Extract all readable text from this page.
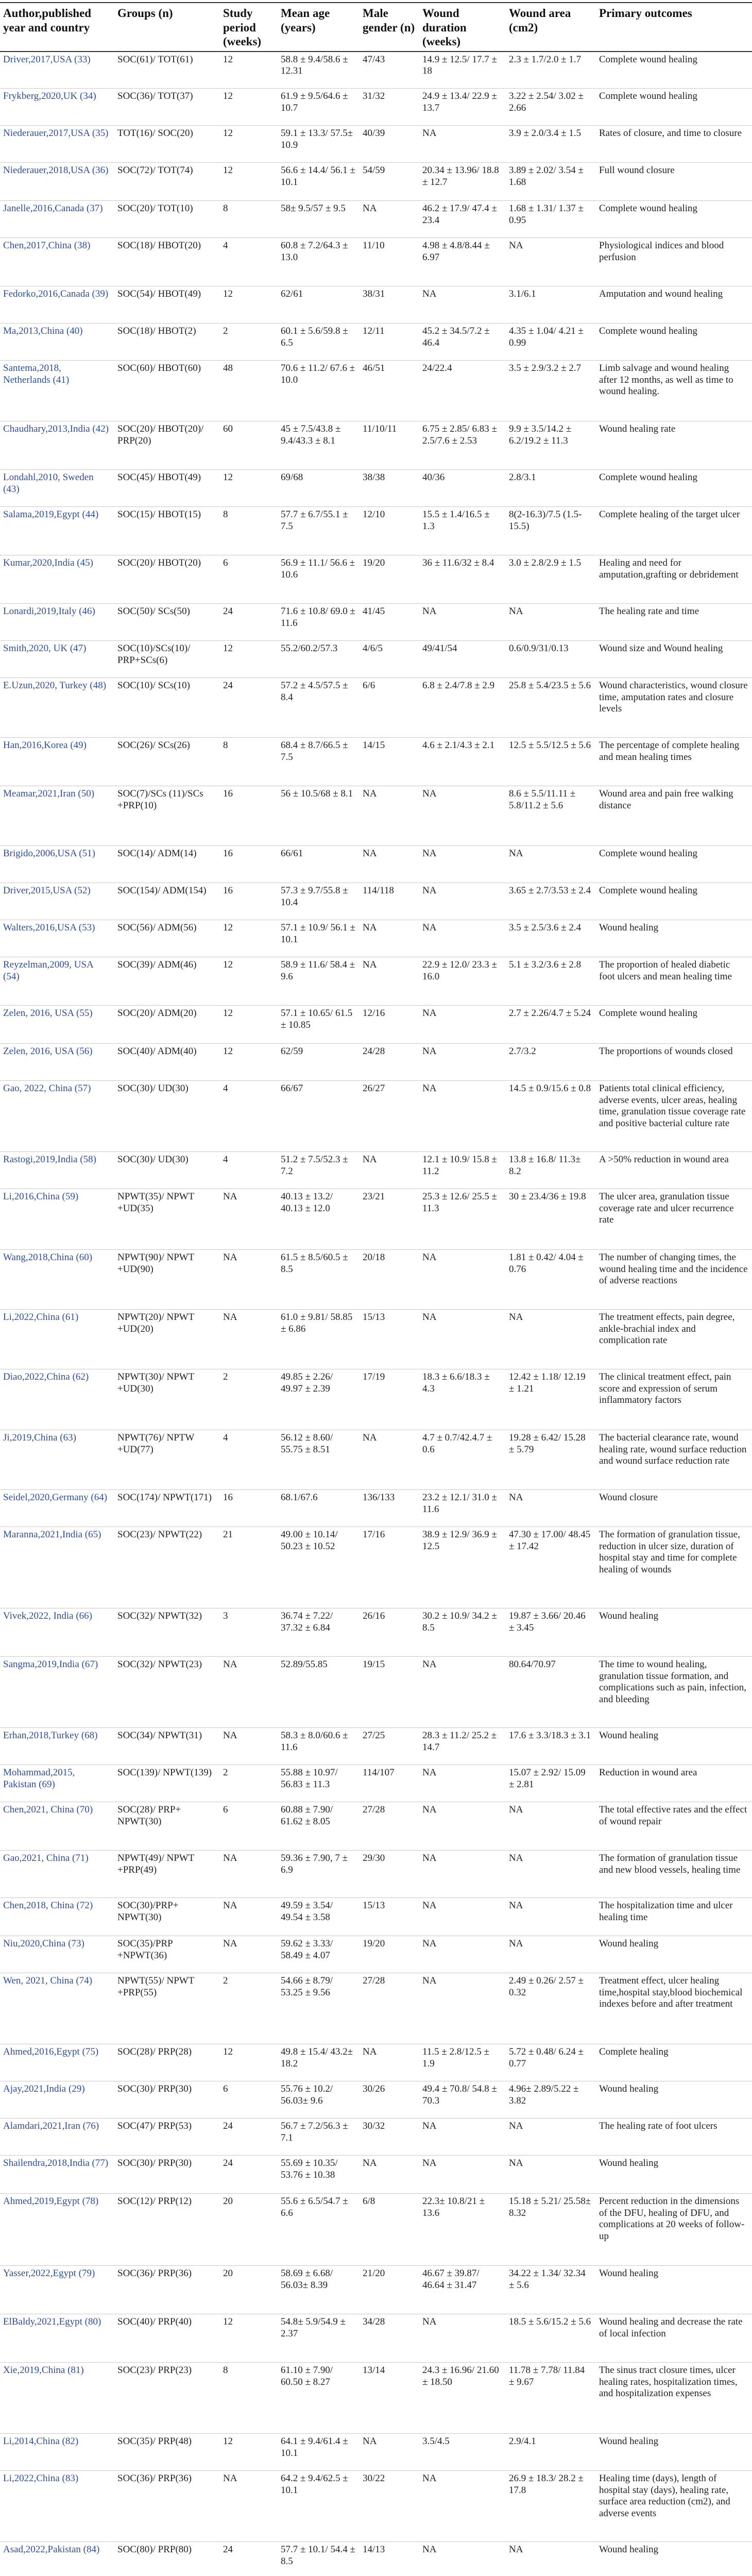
Author,published year and country	Groups (n)	Study period (weeks)	Mean age (years)	Male gender (n)	Wound duration (weeks)	Wound area (cm2)	Primary outcomes
Driver,2017,USA (33)	SOC(61)/ TOT(61)	12	58.8 ± 9.4/58.6 ± 12.31	47/43	14.9 ± 12.5/ 17.7 ± 18	2.3 ± 1.7/2.0 ± 1.7	Complete wound healing
Frykberg,2020,UK (34)	SOC(36)/ TOT(37)	12	61.9 ± 9.5/64.6 ± 10.7	31/32	24.9 ± 13.4/ 22.9 ± 13.7	3.22 ± 2.54/ 3.02 ± 2.66	Complete wound healing
Niederauer,2017,USA (35)	TOT(16)/ SOC(20)	12	59.1 ± 13.3/ 57.5± 10.9	40/39	NA	3.9 ± 2.0/3.4 ± 1.5	Rates of closure, and time to closure
Niederauer,2018,USA (36)	SOC(72)/ TOT(74)	12	56.6 ± 14.4/ 56.1 ± 10.1	54/59	20.34 ± 13.96/ 18.8 ± 12.7	3.89 ± 2.02/ 3.54 ± 1.68	Full wound closure
Janelle,2016,Canada (37)	SOC(20)/ TOT(10)	8	58± 9.5/57 ± 9.5	NA	46.2 ± 17.9/ 47.4 ± 23.4	1.68 ± 1.31/ 1.37 ± 0.95	Complete wound healing
Chen,2017,China (38)	SOC(18)/ HBOT(20)	4	60.8 ± 7.2/64.3 ± 13.0	11/10	4.98 ± 4.8/8.44 ± 6.97	NA	Physiological indices and blood perfusion
Fedorko,2016,Canada (39)	SOC(54)/ HBOT(49)	12	62/61	38/31	NA	3.1/6.1	Amputation and wound healing
Ma,2013,China (40)	SOC(18)/ HBOT(2)	2	60.1 ± 5.6/59.8 ± 6.5	12/11	45.2 ± 34.5/7.2 ± 46.4	4.35 ± 1.04/ 4.21 ± 0.99	Complete wound healing
Santema,2018, Netherlands (41)	SOC(60)/ HBOT(60)	48	70.6 ± 11.2/ 67.6 ± 10.0	46/51	24/22.4	3.5 ± 2.9/3.2 ± 2.7	Limb salvage and wound healing after 12 months, as well as time to wound healing.
Chaudhary,2013,India (42)	SOC(20)/ HBOT(20)/ PRP(20)	60	45 ± 7.5/43.8 ± 9.4/43.3 ± 8.1	11/10/11	6.75 ± 2.85/ 6.83 ± 2.5/7.6 ± 2.53	9.9 ± 3.5/14.2 ± 6.2/19.2 ± 11.3	Wound healing rate
Londahl,2010, Sweden (43)	SOC(45)/ HBOT(49)	12	69/68	38/38	40/36	2.8/3.1	Complete wound healing
Salama,2019,Egypt (44)	SOC(15)/ HBOT(15)	8	57.7 ± 6.7/55.1 ± 7.5	12/10	15.5 ± 1.4/16.5 ± 1.3	8(2-16.3)/7.5 (1.5-15.5)	Complete healing of the target ulcer
Kumar,2020,India (45)	SOC(20)/ HBOT(20)	6	56.9 ± 11.1/ 56.6 ± 10.6	19/20	36 ± 11.6/32 ± 8.4	3.0 ± 2.8/2.9 ± 1.5	Healing and need for amputation,grafting or debridement
Lonardi,2019,Italy (46)	SOC(50)/ SCs(50)	24	71.6 ± 10.8/ 69.0 ± 11.6	41/45	NA	NA	The healing rate and time
Smith,2020, UK (47)	SOC(10)/SCs(10)/ PRP+SCs(6)	12	55.2/60.2/57.3	4/6/5	49/41/54	0.6/0.9/31/0.13	Wound size and Wound healing
E.Uzun,2020, Turkey (48)	SOC(10)/ SCs(10)	24	57.2 ± 4.5/57.5 ± 8.4	6/6	6.8 ± 2.4/7.8 ± 2.9	25.8 ± 5.4/23.5 ± 5.6	Wound characteristics, wound closure time, amputation rates and closure levels
Han,2016,Korea (49)	SOC(26)/ SCs(26)	8	68.4 ± 8.7/66.5 ± 7.5	14/15	4.6 ± 2.1/4.3 ± 2.1	12.5 ± 5.5/12.5 ± 5.6	The percentage of complete healing and mean healing times
Meamar,2021,Iran (50)	SOC(7)/SCs (11)/SCs +PRP(10)	16	56 ± 10.5/68 ± 8.1	NA	NA	8.6 ± 5.5/11.11 ± 5.8/11.2 ± 5.6	Wound area and pain free walking distance
Brigido,2006,USA (51)	SOC(14)/ ADM(14)	16	66/61	NA	NA	NA	Complete wound healing
Driver,2015,USA (52)	SOC(154)/ ADM(154)	16	57.3 ± 9.7/55.8 ± 10.4	114/118	NA	3.65 ± 2.7/3.53 ± 2.4	Complete wound healing
Walters,2016,USA (53)	SOC(56)/ ADM(56)	12	57.1 ± 10.9/ 56.1 ± 10.1	NA	NA	3.5 ± 2.5/3.6 ± 2.4	Wound healing
Reyzelman,2009, USA (54)	SOC(39)/ ADM(46)	12	58.9 ± 11.6/ 58.4 ± 9.6	NA	22.9 ± 12.0/ 23.3 ± 16.0	5.1 ± 3.2/3.6 ± 2.8	The proportion of healed diabetic foot ulcers and mean healing time
Zelen, 2016, USA (55)	SOC(20)/ ADM(20)	12	57.1 ± 10.65/ 61.5 ± 10.85	12/16	NA	2.7 ± 2.26/4.7 ± 5.24	Complete wound healing
Zelen, 2016, USA (56)	SOC(40)/ ADM(40)	12	62/59	24/28	NA	2.7/3.2	The proportions of wounds closed
Gao, 2022, China (57)	SOC(30)/ UD(30)	4	66/67	26/27	NA	14.5 ± 0.9/15.6 ± 0.8	Patients total clinical efficiency, adverse events, ulcer areas, healing time, granulation tissue coverage rate and positive bacterial culture rate
Rastogi,2019,India (58)	SOC(30)/ UD(30)	4	51.2 ± 7.5/52.3 ± 7.2	NA	12.1 ± 10.9/ 15.8 ± 11.2	13.8 ± 16.8/ 11.3± 8.2	A >50% reduction in wound area
Li,2016,China (59)	NPWT(35)/ NPWT +UD(35)	NA	40.13 ± 13.2/ 40.13 ± 12.0	23/21	25.3 ± 12.6/ 25.5 ± 11.3	30 ± 23.4/36 ± 19.8	The ulcer area, granulation tissue coverage rate and ulcer recurrence rate
Wang,2018,China (60)	NPWT(90)/ NPWT +UD(90)	NA	61.5 ± 8.5/60.5 ± 8.5	20/18	NA	1.81 ± 0.42/ 4.04 ± 0.76	The number of changing times, the wound healing time and the incidence of adverse reactions
Li,2022,China (61)	NPWT(20)/ NPWT +UD(20)	NA	61.0 ± 9.81/ 58.85 ± 6.86	15/13	NA	NA	The treatment effects, pain degree, ankle-brachial index and complication rate
Diao,2022,China (62)	NPWT(30)/ NPWT +UD(30)	2	49.85 ± 2.26/ 49.97 ± 2.39	17/19	18.3 ± 6.6/18.3 ± 4.3	12.42 ± 1.18/ 12.19 ± 1.21	The clinical treatment effect, pain score and expression of serum inflammatory factors
Ji,2019,China (63)	NPWT(76)/ NPTW +UD(77)	4	56.12 ± 8.60/ 55.75 ± 8.51	NA	4.7 ± 0.7/42.4.7 ± 0.6	19.28 ± 6.42/ 15.28 ± 5.79	The bacterial clearance rate, wound healing rate, wound surface reduction and wound surface reduction rate
Seidel,2020,Germany (64)	SOC(174)/ NPWT(171)	16	68.1/67.6	136/133	23.2 ± 12.1/ 31.0 ± 11.6	NA	Wound closure
Maranna,2021,India (65)	SOC(23)/ NPWT(22)	21	49.00 ± 10.14/ 50.23 ± 10.52	17/16	38.9 ± 12.9/ 36.9 ± 12.5	47.30 ± 17.00/ 48.45 ± 17.42	The formation of granulation tissue, reduction in ulcer size, duration of hospital stay and time for complete healing of wounds
Vivek,2022, India (66)	SOC(32)/ NPWT(32)	3	36.74 ± 7.22/ 37.32 ± 6.84	26/16	30.2 ± 10.9/ 34.2 ± 8.5	19.87 ± 3.66/ 20.46 ± 3.45	Wound healing
Sangma,2019,India (67)	SOC(32)/ NPWT(23)	NA	52.89/55.85	19/15	NA	80.64/70.97	The time to wound healing, granulation tissue formation, and complications such as pain, infection, and bleeding
Erhan,2018,Turkey (68)	SOC(34)/ NPWT(31)	NA	58.3 ± 8.0/60.6 ± 11.6	27/25	28.3 ± 11.2/ 25.2 ± 14.7	17.6 ± 3.3/18.3 ± 3.1	Wound healing
Mohammad,2015, Pakistan (69)	SOC(139)/ NPWT(139)	2	55.88 ± 10.97/ 56.83 ± 11.3	114/107	NA	15.07 ± 2.92/ 15.09 ± 2.81	Reduction in wound area
Chen,2021, China (70)	SOC(28)/ PRP+ NPWT(30)	6	60.88 ± 7.90/ 61.62 ± 8.05	27/28	NA	NA	The total effective rates and the effect of wound repair
Gao,2021, China (71)	NPWT(49)/ NPWT +PRP(49)	NA	59.36 ± 7.90, 7 ± 6.9	29/30	NA	NA	The formation of granulation tissue and new blood vessels, healing time
Chen,2018, China (72)	SOC(30)/PRP+ NPWT(30)	NA	49.59 ± 3.54/ 49.54 ± 3.58	15/13	NA	NA	The hospitalization time and ulcer healing time
Niu,2020,China (73)	SOC(35)/PRP +NPWT(36)	NA	59.62 ± 3.33/ 58.49 ± 4.07	19/20	NA	NA	Wound healing
Wen, 2021, China (74)	NPWT(55)/ NPWT +PRP(55)	2	54.66 ± 8.79/ 53.25 ± 9.56	27/28	NA	2.49 ± 0.26/ 2.57 ± 0.32	Treatment effect, ulcer healing time,hospital stay,blood biochemical indexes before and after treatment
Ahmed,2016,Egypt (75)	SOC(28)/ PRP(28)	12	49.8 ± 15.4/ 43.2± 18.2	NA	11.5 ± 2.8/12.5 ± 1.9	5.72 ± 0.48/ 6.24 ± 0.77	Complete healing
Ajay,2021,India (29)	SOC(30)/ PRP(30)	6	55.76 ± 10.2/ 56.03± 9.6	30/26	49.4 ± 70.8/ 54.8 ± 70.3	4.96± 2.89/5.22 ± 3.82	Wound healing
Alamdari,2021,Iran (76)	SOC(47)/ PRP(53)	24	56.7 ± 7.2/56.3 ± 7.1	30/32	NA	NA	The healing rate of foot ulcers
Shailendra,2018,India (77)	SOC(30)/ PRP(30)	24	55.69 ± 10.35/ 53.76 ± 10.38	NA	NA	NA	Wound healing
Ahmed,2019,Egypt (78)	SOC(12)/ PRP(12)	20	55.6 ± 6.5/54.7 ± 6.6	6/8	22.3± 10.8/21 ± 13.6	15.18 ± 5.21/ 25.58± 8.32	Percent reduction in the dimensions of the DFU, healing of DFU, and complications at 20 weeks of follow-up
Yasser,2022,Egypt (79)	SOC(36)/ PRP(36)	20	58.69 ± 6.68/ 56.03± 8.39	21/20	46.67 ± 39.87/ 46.64 ± 31.47	34.22 ± 1.34/ 32.34 ± 5.6	Wound healing
ElBaldy,2021,Egypt (80)	SOC(40)/ PRP(40)	12	54.8± 5.9/54.9 ± 2.37	34/28	NA	18.5 ± 5.6/15.2 ± 5.6	Wound healing and decrease the rate of local infection
Xie,2019,China (81)	SOC(23)/ PRP(23)	8	61.10 ± 7.90/ 60.50 ± 8.27	13/14	24.3 ± 16.96/ 21.60 ± 18.50	11.78 ± 7.78/ 11.84 ± 9.67	The sinus tract closure times, ulcer healing rates, hospitalization times, and hospitalization expenses
Li,2014,China (82)	SOC(35)/ PRP(48)	12	64.1 ± 9.4/61.4 ± 10.1	NA	3.5/4.5	2.9/4.1	Wound healing
Li,2022,China (83)	SOC(36)/ PRP(36)	NA	64.2 ± 9.4/62.5 ± 10.1	30/22	NA	26.9 ± 18.3/ 28.2 ± 17.8	Healing time (days), length of hospital stay (days), healing rate, surface area reduction (cm2), and adverse events
Asad,2022,Pakistan (84)	SOC(80)/ PRP(80)	24	57.7 ± 10.1/ 54.4 ± 8.5	14/13	NA	NA	Wound healing
